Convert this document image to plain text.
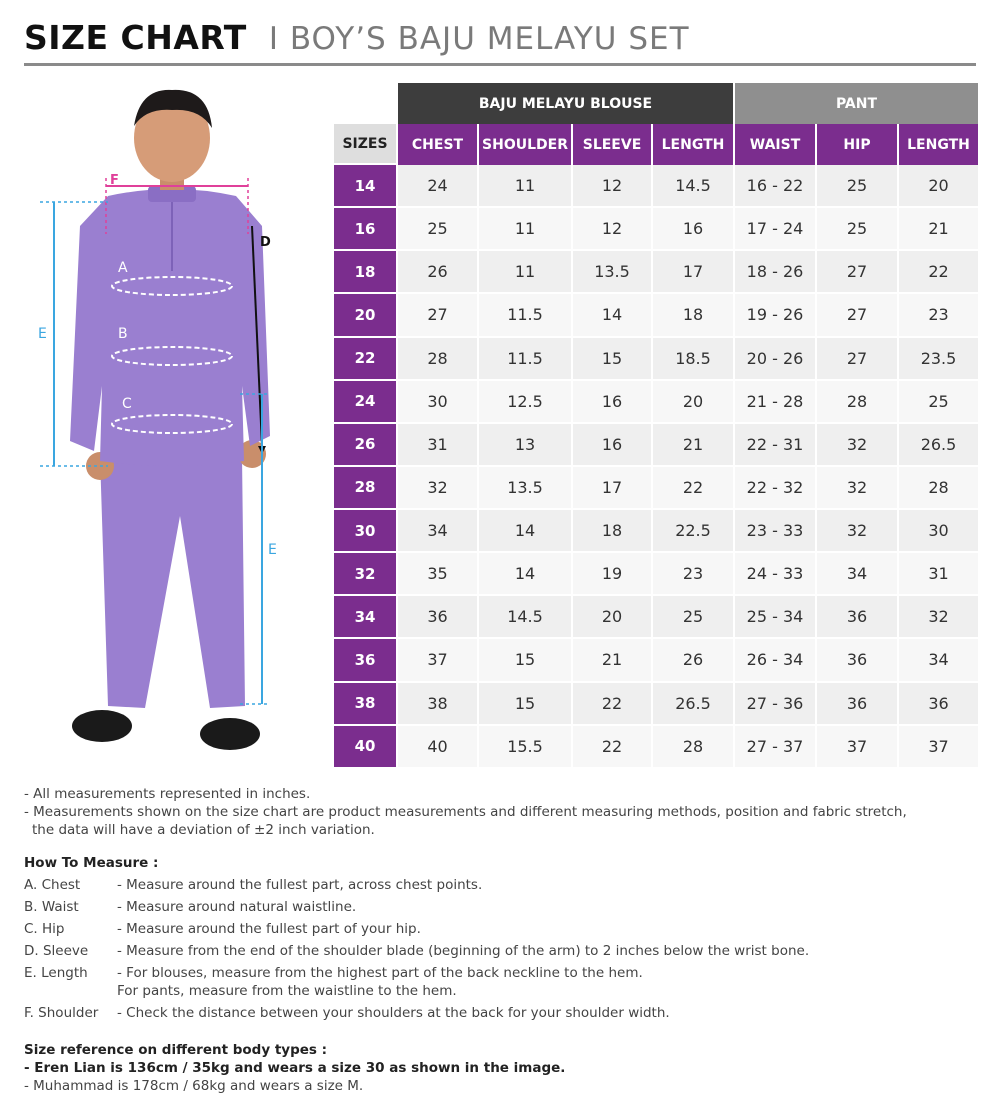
SIZE CHART I BOY’S BAJU MELAYU SET
F
A
B
C
D
E
E
BAJU MELAYU BLOUSE	PANT
SIZES	CHEST	SHOULDER	SLEEVE	LENGTH	WAIST	HIP	LENGTH
14	24	11	12	14.5	16 - 22	25	20
16	25	11	12	16	17 - 24	25	21
18	26	11	13.5	17	18 - 26	27	22
20	27	11.5	14	18	19 - 26	27	23
22	28	11.5	15	18.5	20 - 26	27	23.5
24	30	12.5	16	20	21 - 28	28	25
26	31	13	16	21	22 - 31	32	26.5
28	32	13.5	17	22	22 - 32	32	28
30	34	14	18	22.5	23 - 33	32	30
32	35	14	19	23	24 - 33	34	31
34	36	14.5	20	25	25 - 34	36	32
36	37	15	21	26	26 - 34	36	34
38	38	15	22	26.5	27 - 36	36	36
40	40	15.5	22	28	27 - 37	37	37
- All measurements represented in inches.
- Measurements shown on the size chart are product measurements and different measuring methods, position and fabric stretch,
the data will have a deviation of ±2 inch variation.
How To Measure :
A. Chest	- Measure around the fullest part, across chest points.
B. Waist	- Measure around natural waistline.
C. Hip	- Measure around the fullest part of your hip.
D. Sleeve	- Measure from the end of the shoulder blade (beginning of the arm) to 2 inches below the wrist bone.
E. Length	- For blouses, measure from the highest part of the back neckline to the hem.
For pants, measure from the waistline to the hem.
F. Shoulder	- Check the distance between your shoulders at the back for your shoulder width.
Size reference on different body types :
- Eren Lian is 136cm / 35kg and wears a size 30 as shown in the image.
- Muhammad is 178cm / 68kg and wears a size M.
